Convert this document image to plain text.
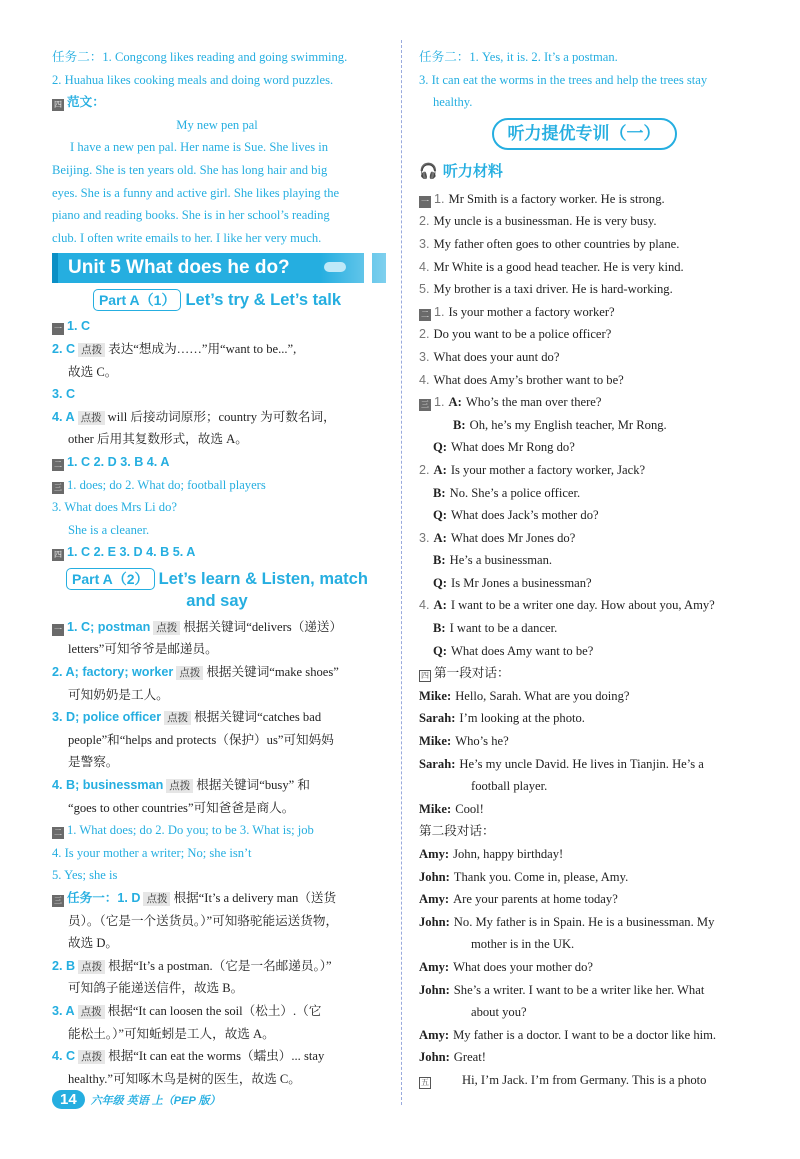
任务二：1. Congcong likes reading and going swimming.
2. Huahua likes cooking meals and doing word puzzles.
四 范文：
My new pen pal
I have a new pen pal. Her name is Sue. She lives in
Beijing. She is ten years old. She has long hair and big
eyes. She is a funny and active girl. She likes playing the
piano and reading books. She is in her school’s reading
club. I often write emails to her. I like her very much.
Unit 5 What does he do?
Part A（1） Let’s try & Let’s talk
一 1. C
2. C 点拨 表达“想成为……”用“want to be...”,
故选 C。
3. C
4. A 点拨 will 后接动词原形；country 为可数名词，
other 后用其复数形式，故选 A。
二 1. C 2. D 3. B 4. A
三 1. does; do 2. What do; football players
3. What does Mrs Li do?
She is a cleaner.
四 1. C 2. E 3. D 4. B 5. A
Part A（2） Let’s learn & Listen, match
and say
一 1. C; postman 点拨 根据关键词“delivers（递送）
letters”可知爷爷是邮递员。
2. A; factory; worker 点拨 根据关键词“make shoes”
可知奶奶是工人。
3. D; police officer 点拨 根据关键词“catches bad
people”和“helps and protects（保护）us”可知妈妈
是警察。
4. B; businessman 点拨 根据关键词“busy” 和
“goes to other countries”可知爸爸是商人。
二 1. What does; do 2. Do you; to be 3. What is; job
4. Is your mother a writer; No; she isn’t
5. Yes; she is
三 任务一：1. D 点拨 根据“It’s a delivery man（送货
员）。（它是一个送货员。）”可知骆驼能运送货物，
故选 D。
2. B 点拨 根据“It’s a postman.（它是一名邮递员。）”
可知鸽子能递送信件，故选 B。
3. A 点拨 根据“It can loosen the soil（松土）.（它
能松土。）”可知蚯蚓是工人，故选 A。
4. C 点拨 根据“It can eat the worms（蠕虫）... stay
healthy.”可知啄木鸟是树的医生，故选 C。
任务二：1. Yes, it is. 2. It’s a postman.
3. It can eat the worms in the trees and help the trees stay
healthy.
听力提优专训（一）
🎧 听力材料
一 1. Mr Smith is a factory worker. He is strong.
2. My uncle is a businessman. He is very busy.
3. My father often goes to other countries by plane.
4. Mr White is a good head teacher. He is very kind.
5. My brother is a taxi driver. He is hard-working.
二 1. Is your mother a factory worker?
2. Do you want to be a police officer?
3. What does your aunt do?
4. What does Amy’s brother want to be?
三 1. A: Who’s the man over there?
B: Oh, he’s my English teacher, Mr Rong.
Q: What does Mr Rong do?
2. A: Is your mother a factory worker, Jack?
B: No. She’s a police officer.
Q: What does Jack’s mother do?
3. A: What does Mr Jones do?
B: He’s a businessman.
Q: Is Mr Jones a businessman?
4. A: I want to be a writer one day. How about you, Amy?
B: I want to be a dancer.
Q: What does Amy want to be?
四 第一段对话：
Mike: Hello, Sarah. What are you doing?
Sarah: I’m looking at the photo.
Mike: Who’s he?
Sarah: He’s my uncle David. He lives in Tianjin. He’s a
football player.
Mike: Cool!
第二段对话：
Amy: John, happy birthday!
John: Thank you. Come in, please, Amy.
Amy: Are your parents at home today?
John: No. My father is in Spain. He is a businessman. My
mother is in the UK.
Amy: What does your mother do?
John: She’s a writer. I want to be a writer like her. What
about you?
Amy: My father is a doctor. I want to be a doctor like him.
John: Great!
五	Hi, I’m Jack. I’m from Germany. This is a photo
14 六年级 英语 上（PEP 版）
